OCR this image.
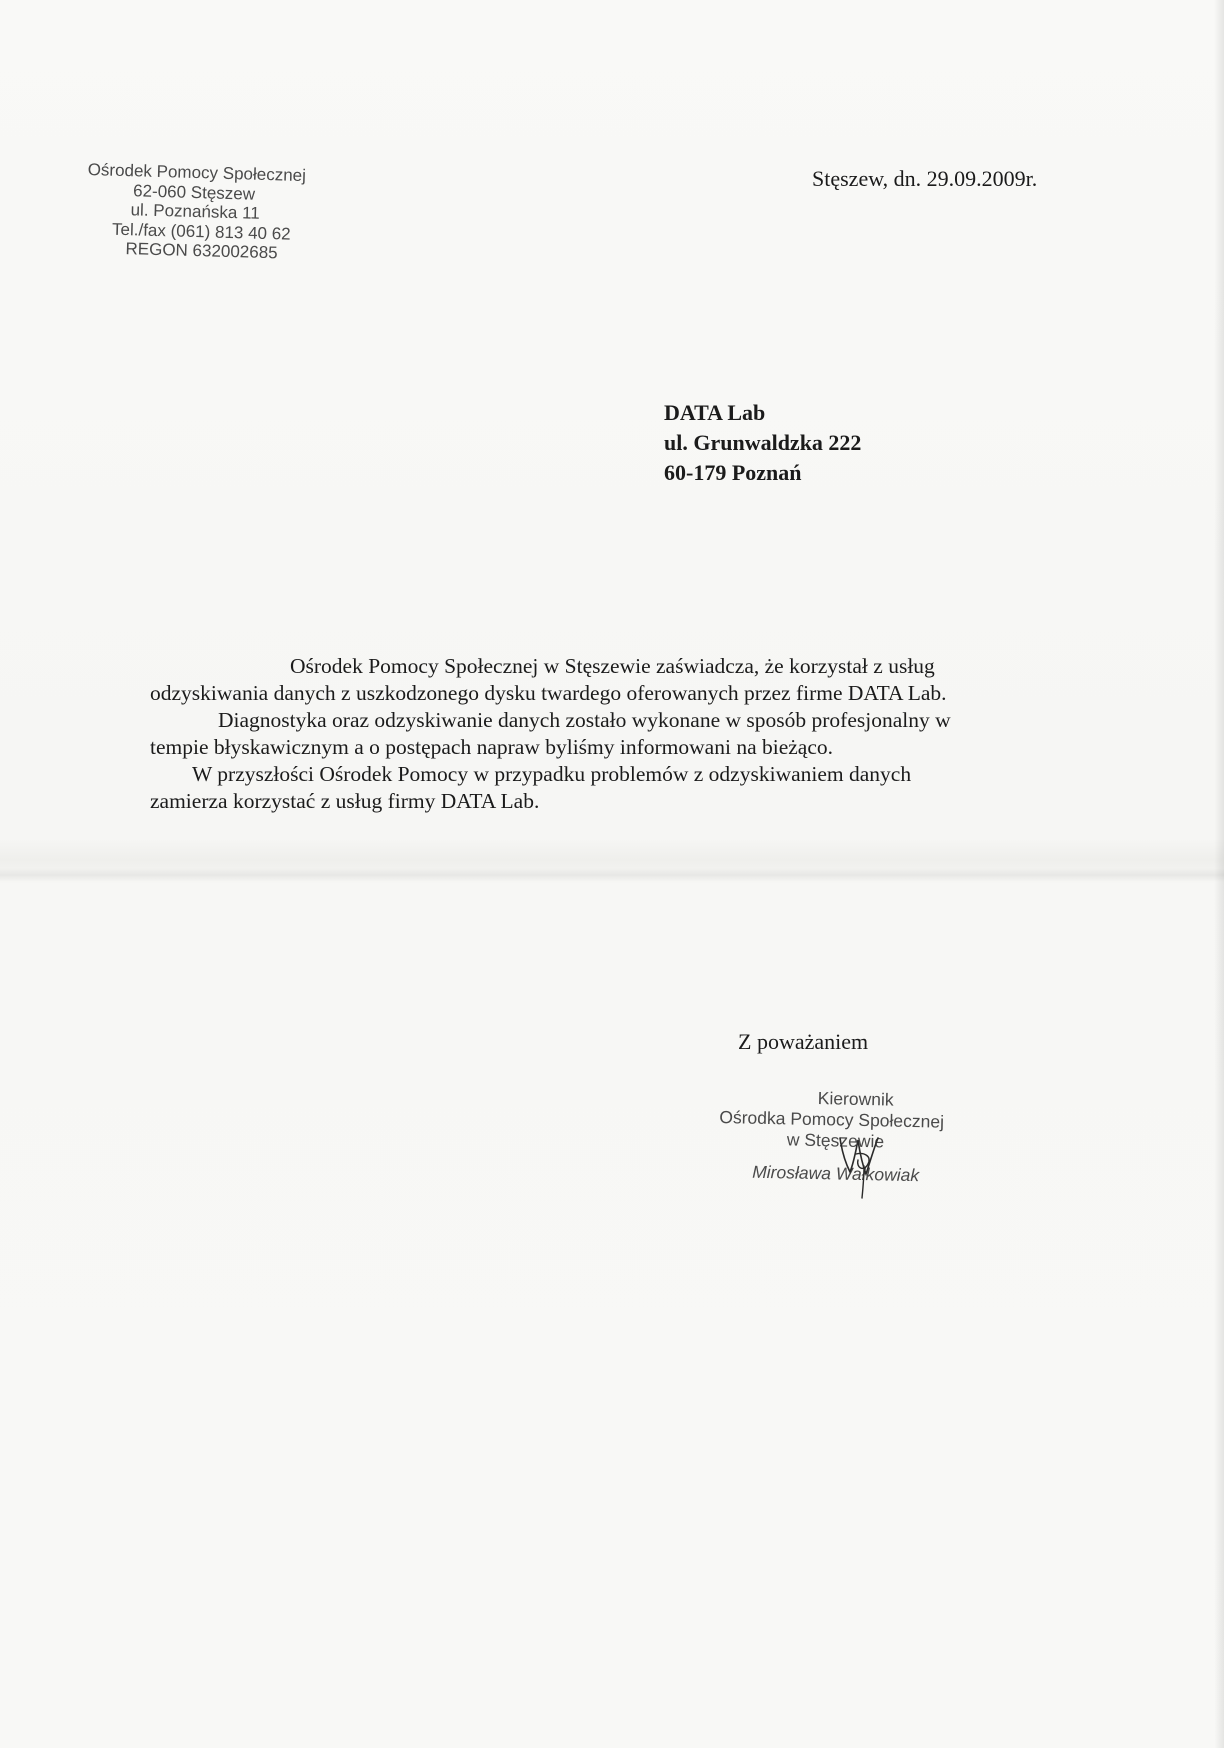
Ośrodek Pomocy Społecznej
62-060 Stęszew
ul. Poznańska 11
Tel./fax (061) 813 40 62
REGON 632002685
Stęszew, dn. 29.09.2009r.
DATA Lab
ul. Grunwaldzka 222
60-179 Poznań
Ośrodek Pomocy Społecznej w Stęszewie zaświadcza, że korzystał z usług
odzyskiwania danych z uszkodzonego dysku twardego oferowanych przez firme DATA Lab.
Diagnostyka oraz odzyskiwanie danych zostało wykonane w sposób profesjonalny w
tempie błyskawicznym a o postępach napraw byliśmy informowani na bieżąco.
W przyszłości Ośrodek Pomocy w przypadku problemów z odzyskiwaniem danych
zamierza korzystać z usług firmy DATA Lab.
Z poważaniem
Kierownik
Ośrodka Pomocy Społecznej
w Stęszewie
Mirosława Wałkowiak
